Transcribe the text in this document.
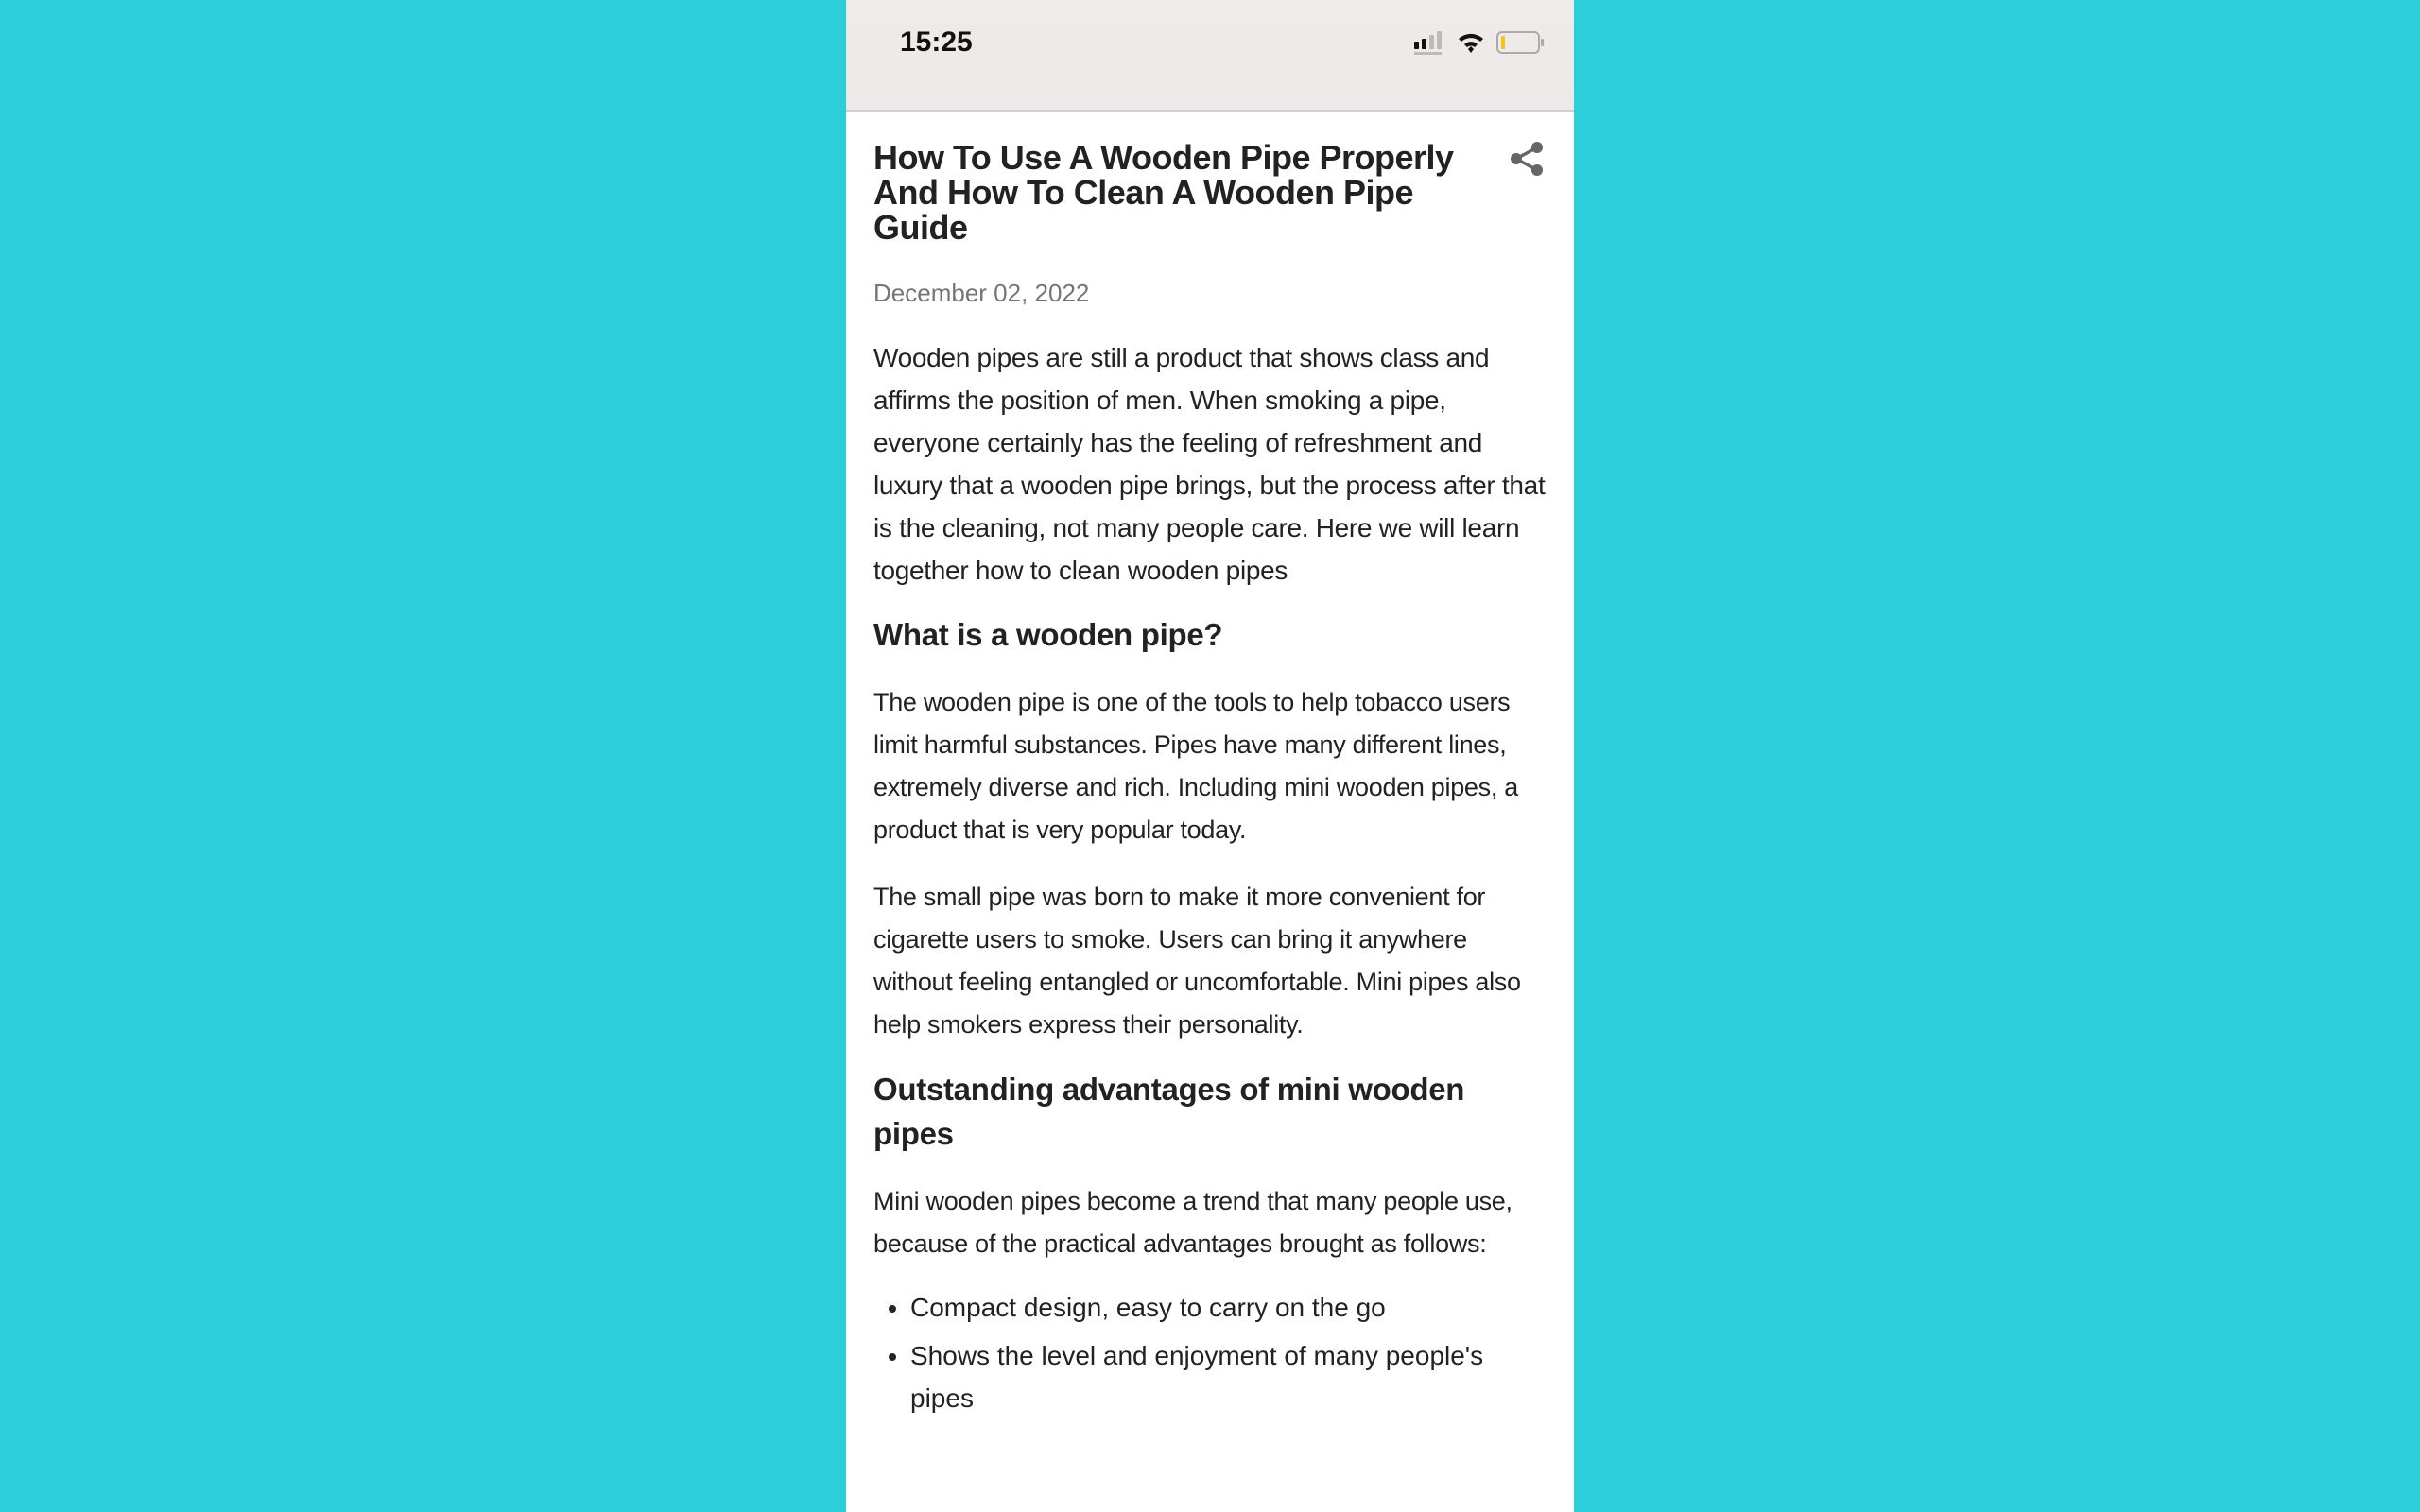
15:25
How To Use A Wooden Pipe Properly And How To Clean A Wooden Pipe Guide
December 02, 2022

Wooden pipes are still a product that shows class and affirms the position of men. When smoking a pipe, everyone certainly has the feeling of refreshment and luxury that a wooden pipe brings, but the process after that is the cleaning, not many people care. Here we will learn together how to clean wooden pipes

What is a wooden pipe?

The wooden pipe is one of the tools to help tobacco users limit harmful substances. Pipes have many different lines, extremely diverse and rich. Including mini wooden pipes, a product that is very popular today.

The small pipe was born to make it more convenient for cigarette users to smoke. Users can bring it anywhere without feeling entangled or uncomfortable. Mini pipes also help smokers express their personality.

Outstanding advantages of mini wooden pipes

Mini wooden pipes become a trend that many people use, because of the practical advantages brought as follows:

• Compact design, easy to carry on the go
• Shows the level and enjoyment of many people's pipes
